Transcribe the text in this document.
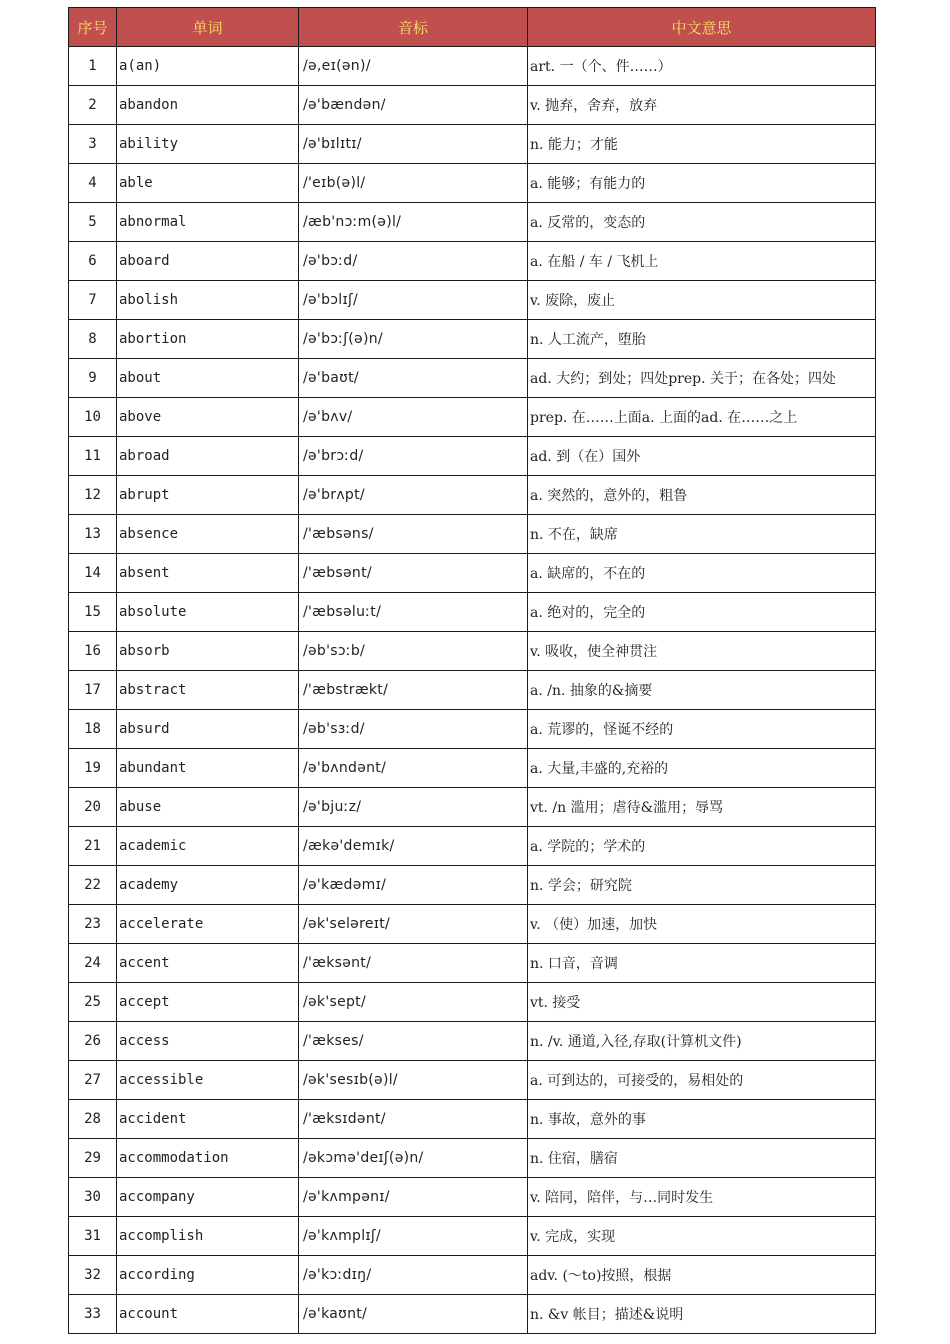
序号	单词	音标	中文意思
1	a(an)	/ə,eɪ(ən)/	art. 一（个、件……）
2	abandon	/ə'bændən/	v. 抛弃，舍弃，放弃
3	ability	/ə'bɪlɪtɪ/	n. 能力；才能
4	able	/'eɪb(ə)l/	a. 能够；有能力的
5	abnormal	/æb'nɔːm(ə)l/	a. 反常的，变态的
6	aboard	/ə'bɔːd/	a. 在船 / 车 / 飞机上
7	abolish	/ə'bɔlɪʃ/	v. 废除，废止
8	abortion	/ə'bɔːʃ(ə)n/	n. 人工流产，堕胎
9	about	/ə'baʊt/	ad. 大约；到处；四处prep. 关于；在各处；四处
10	above	/ə'bʌv/	prep. 在……上面a. 上面的ad. 在……之上
11	abroad	/ə'brɔːd/	ad. 到（在）国外
12	abrupt	/ə'brʌpt/	a. 突然的，意外的，粗鲁
13	absence	/'æbsəns/	n. 不在，缺席
14	absent	/'æbsənt/	a. 缺席的，不在的
15	absolute	/'æbsəluːt/	a. 绝对的，完全的
16	absorb	/əb'sɔːb/	v. 吸收，使全神贯注
17	abstract	/'æbstrækt/	a. /n. 抽象的&摘要
18	absurd	/əb'sɜːd/	a. 荒谬的，怪诞不经的
19	abundant	/ə'bʌndənt/	a. 大量,丰盛的,充裕的
20	abuse	/ə'bjuːz/	vt. /n 滥用；虐待&滥用；辱骂
21	academic	/ækə'demɪk/	a. 学院的；学术的
22	academy	/ə'kædəmɪ/	n. 学会；研究院
23	accelerate	/ək'seləreɪt/	v. （使）加速，加快
24	accent	/'æksənt/	n. 口音，音调
25	accept	/ək'sept/	vt. 接受
26	access	/'ækses/	n. /v. 通道,入径,存取(计算机文件)
27	accessible	/ək'sesɪb(ə)l/	a. 可到达的，可接受的，易相处的
28	accident	/'æksɪdənt/	n. 事故，意外的事
29	accommodation	/əkɔmə'deɪʃ(ə)n/	n. 住宿，膳宿
30	accompany	/ə'kʌmpənɪ/	v. 陪同，陪伴，与…同时发生
31	accomplish	/ə'kʌmplɪʃ/	v. 完成，实现
32	according	/ə'kɔːdɪŋ/	adv. (～to)按照，根据
33	account	/ə'kaʊnt/	n. &v 帐目；描述&说明
